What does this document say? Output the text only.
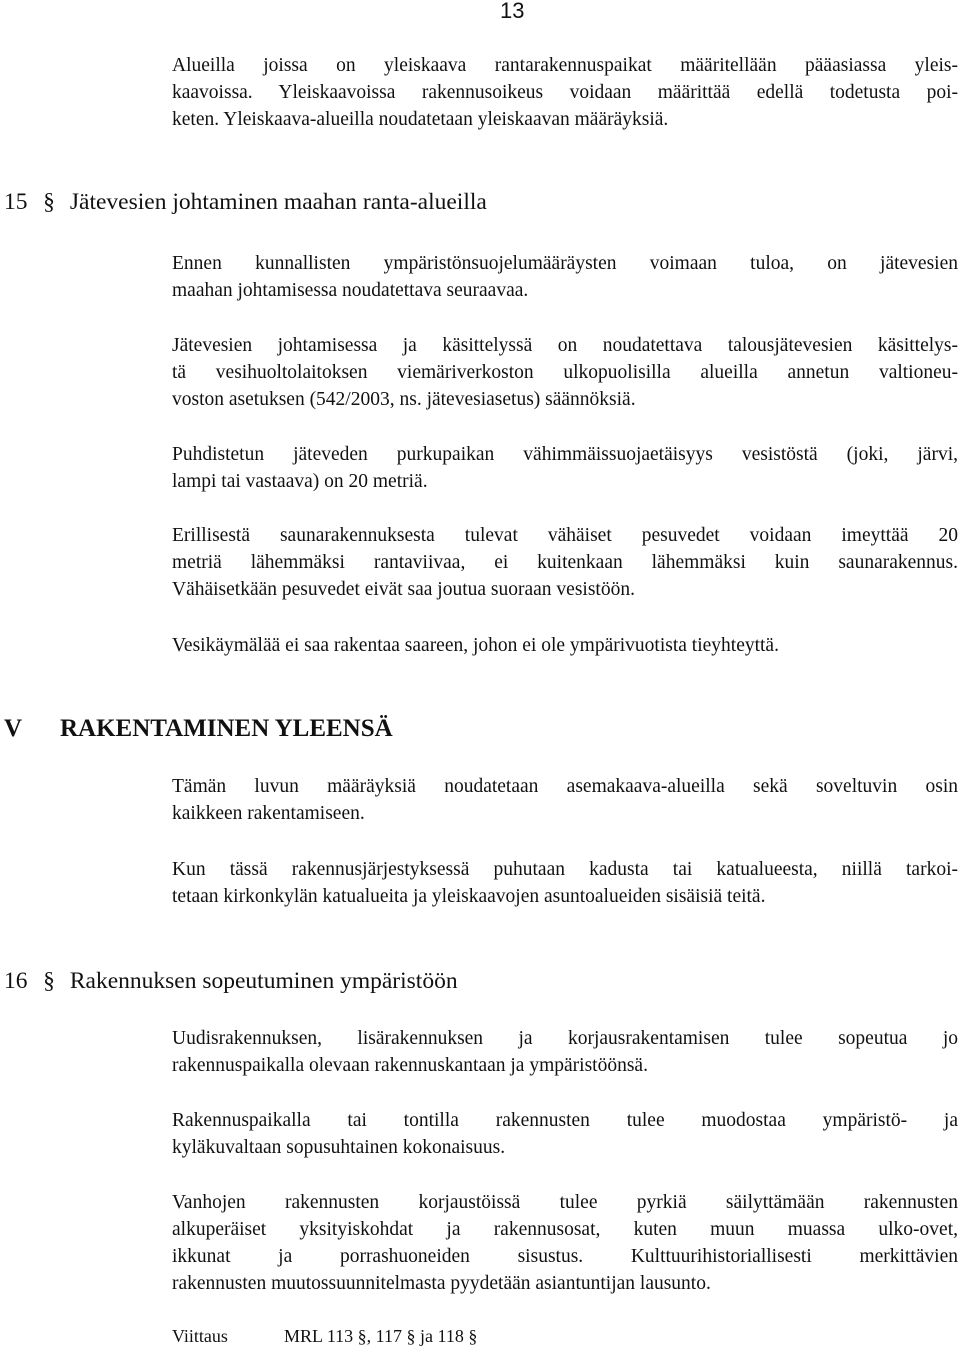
13
Alueilla joissa on yleiskaava rantarakennuspaikat määritellään pääasiassa yleis-
kaavoissa. Yleiskaavoissa rakennusoikeus voidaan määrittää edellä todetusta poi-
keten. Yleiskaava-alueilla noudatetaan yleiskaavan määräyksiä.
15 § Jätevesien johtaminen maahan ranta-alueilla
Ennen kunnallisten ympäristönsuojelumääräysten voimaan tuloa, on jätevesien
maahan johtamisessa noudatettava seuraavaa.
Jätevesien johtamisessa ja käsittelyssä on noudatettava talousjätevesien käsittelys-
tä vesihuoltolaitoksen viemäriverkoston ulkopuolisilla alueilla annetun valtioneu-
voston asetuksen (542/2003, ns. jätevesiasetus) säännöksiä.
Puhdistetun jäteveden purkupaikan vähimmäissuojaetäisyys vesistöstä (joki, järvi,
lampi tai vastaava) on 20 metriä.
Erillisestä saunarakennuksesta tulevat vähäiset pesuvedet voidaan imeyttää 20
metriä lähemmäksi rantaviivaa, ei kuitenkaan lähemmäksi kuin saunarakennus.
Vähäisetkään pesuvedet eivät saa joutua suoraan vesistöön.
Vesikäymälää ei saa rakentaa saareen, johon ei ole ympärivuotista tieyhteyttä.
V RAKENTAMINEN YLEENSÄ
Tämän luvun määräyksiä noudatetaan asemakaava-alueilla sekä soveltuvin osin
kaikkeen rakentamiseen.
Kun tässä rakennusjärjestyksessä puhutaan kadusta tai katualueesta, niillä tarkoi-
tetaan kirkonkylän katualueita ja yleiskaavojen asuntoalueiden sisäisiä teitä.
16 § Rakennuksen sopeutuminen ympäristöön
Uudisrakennuksen, lisärakennuksen ja korjausrakentamisen tulee sopeutua jo
rakennuspaikalla olevaan rakennuskantaan ja ympäristöönsä.
Rakennuspaikalla tai tontilla rakennusten tulee muodostaa ympäristö- ja
kyläkuvaltaan sopusuhtainen kokonaisuus.
Vanhojen rakennusten korjaustöissä tulee pyrkiä säilyttämään rakennusten
alkuperäiset yksityiskohdat ja rakennusosat, kuten muun muassa ulko-ovet,
ikkunat ja porrashuoneiden sisustus. Kulttuurihistoriallisesti merkittävien
rakennusten muutossuunnitelmasta pyydetään asiantuntijan lausunto.
Viittaus	MRL 113 §, 117 § ja 118 §
